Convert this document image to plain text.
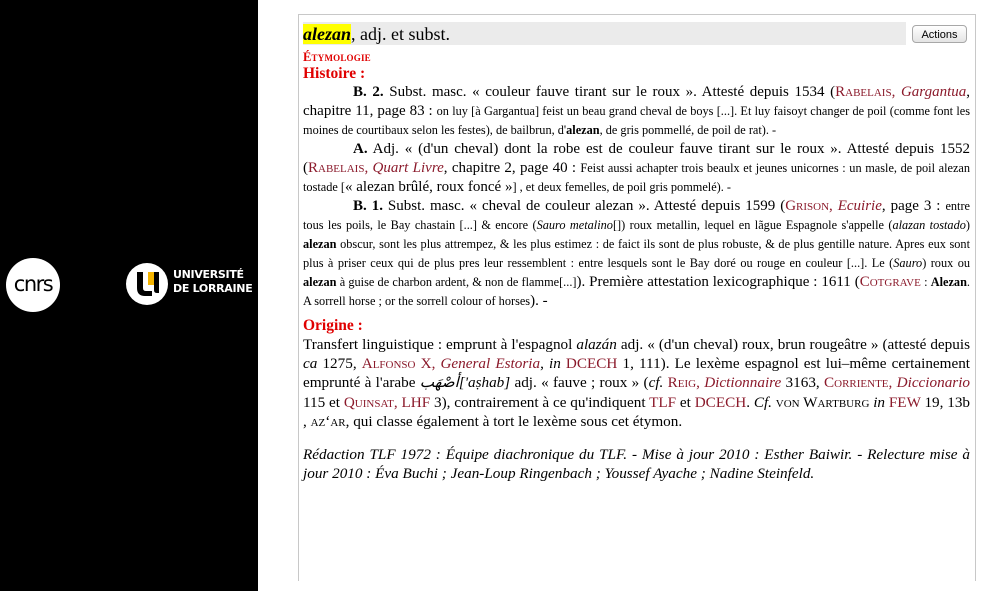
cnrs	UNIVERSITÉ
DE LORRAINE
alezan, adj. et subst.	Actions

Étymologie

Histoire :

B. 2. Subst. masc. « couleur fauve tirant sur le roux ». Attesté depuis 1534 (Rabelais, Gargantua, chapitre 11, page 83 : on luy [à Gargantua] feist un beau grand cheval de boys [...]. Et luy faisoyt changer de poil (comme font les moines de courtibaux selon les festes), de bailbrun, d'alezan, de gris pommellé, de poil de rat). -

A. Adj. « (d'un cheval) dont la robe est de couleur fauve tirant sur le roux ». Attesté depuis 1552 (Rabelais, Quart Livre, chapitre 2, page 40 : Feist aussi achapter trois beaulx et jeunes unicornes : un masle, de poil alezan tostade [« alezan brûlé, roux foncé »] , et deux femelles, de poil gris pommelé). -

B. 1. Subst. masc. « cheval de couleur alezan ». Attesté depuis 1599 (Grison, Ecuirie, page 3 : entre tous les poils, le Bay chastain [...] & encore (Sauro metalino[]) roux metallin, lequel en lãgue Espagnole s'appelle (alazan tostado) alezan obscur, sont les plus attrempez, & les plus estimez : de faict ils sont de plus robuste, & de plus gentille nature. Apres eux sont plus à priser ceux qui de plus pres leur ressemblent : entre lesquels sont le Bay doré ou rouge en couleur [...]. Le (Sauro) roux ou alezan à guise de charbon ardent, & non de flamme[...]). Première attestation lexicographique : 1611 (Cotgrave : Alezan. A sorrell horse ; or the sorrell colour of horses). -

Origine :

Transfert linguistique : emprunt à l'espagnol alazán adj. « (d'un cheval) roux, brun rougeâtre » (attesté depuis ca 1275, Alfonso X, General Estoria, in DCECH 1, 111). Le lexème espagnol est lui–même certainement emprunté à l'arabe أصْهَب['aṣhab] adj. « fauve ; roux » (cf. Reig, Dictionnaire 3163, Corriente, Diccionario 115 et Quinsat, LHF 3), contrairement à ce qu'indiquent TLF et DCECH. Cf. von Wartburg in FEW 19, 13b , az‘ar, qui classe également à tort le lexème sous cet étymon.

Rédaction TLF 1972 : Équipe diachronique du TLF. - Mise à jour 2010 : Esther Baiwir. - Relecture mise à jour 2010 : Éva Buchi ; Jean-Loup Ringenbach ; Youssef Ayache ; Nadine Steinfeld.
